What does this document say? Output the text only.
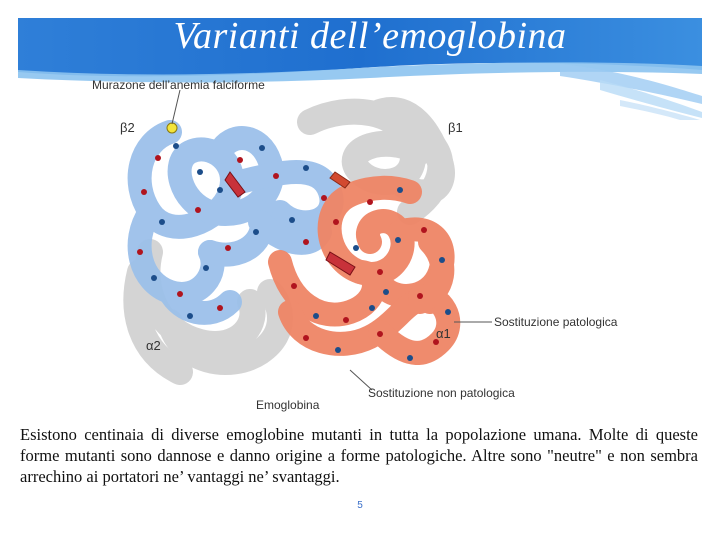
Varianti dell’emoglobina
Murazone dell’anemia falciforme
β2	β1
α2
α1
Sostituzione patologica
Sostituzione non patologica
Emoglobina

Esistono centinaia di diverse emoglobine mutanti in tutta la popolazione umana. Molte di queste forme mutanti sono dannose e danno origine a forme patologiche. Altre sono "neutre" e non sembra arrechino ai portatori ne’ vantaggi ne’ svantaggi.

5
